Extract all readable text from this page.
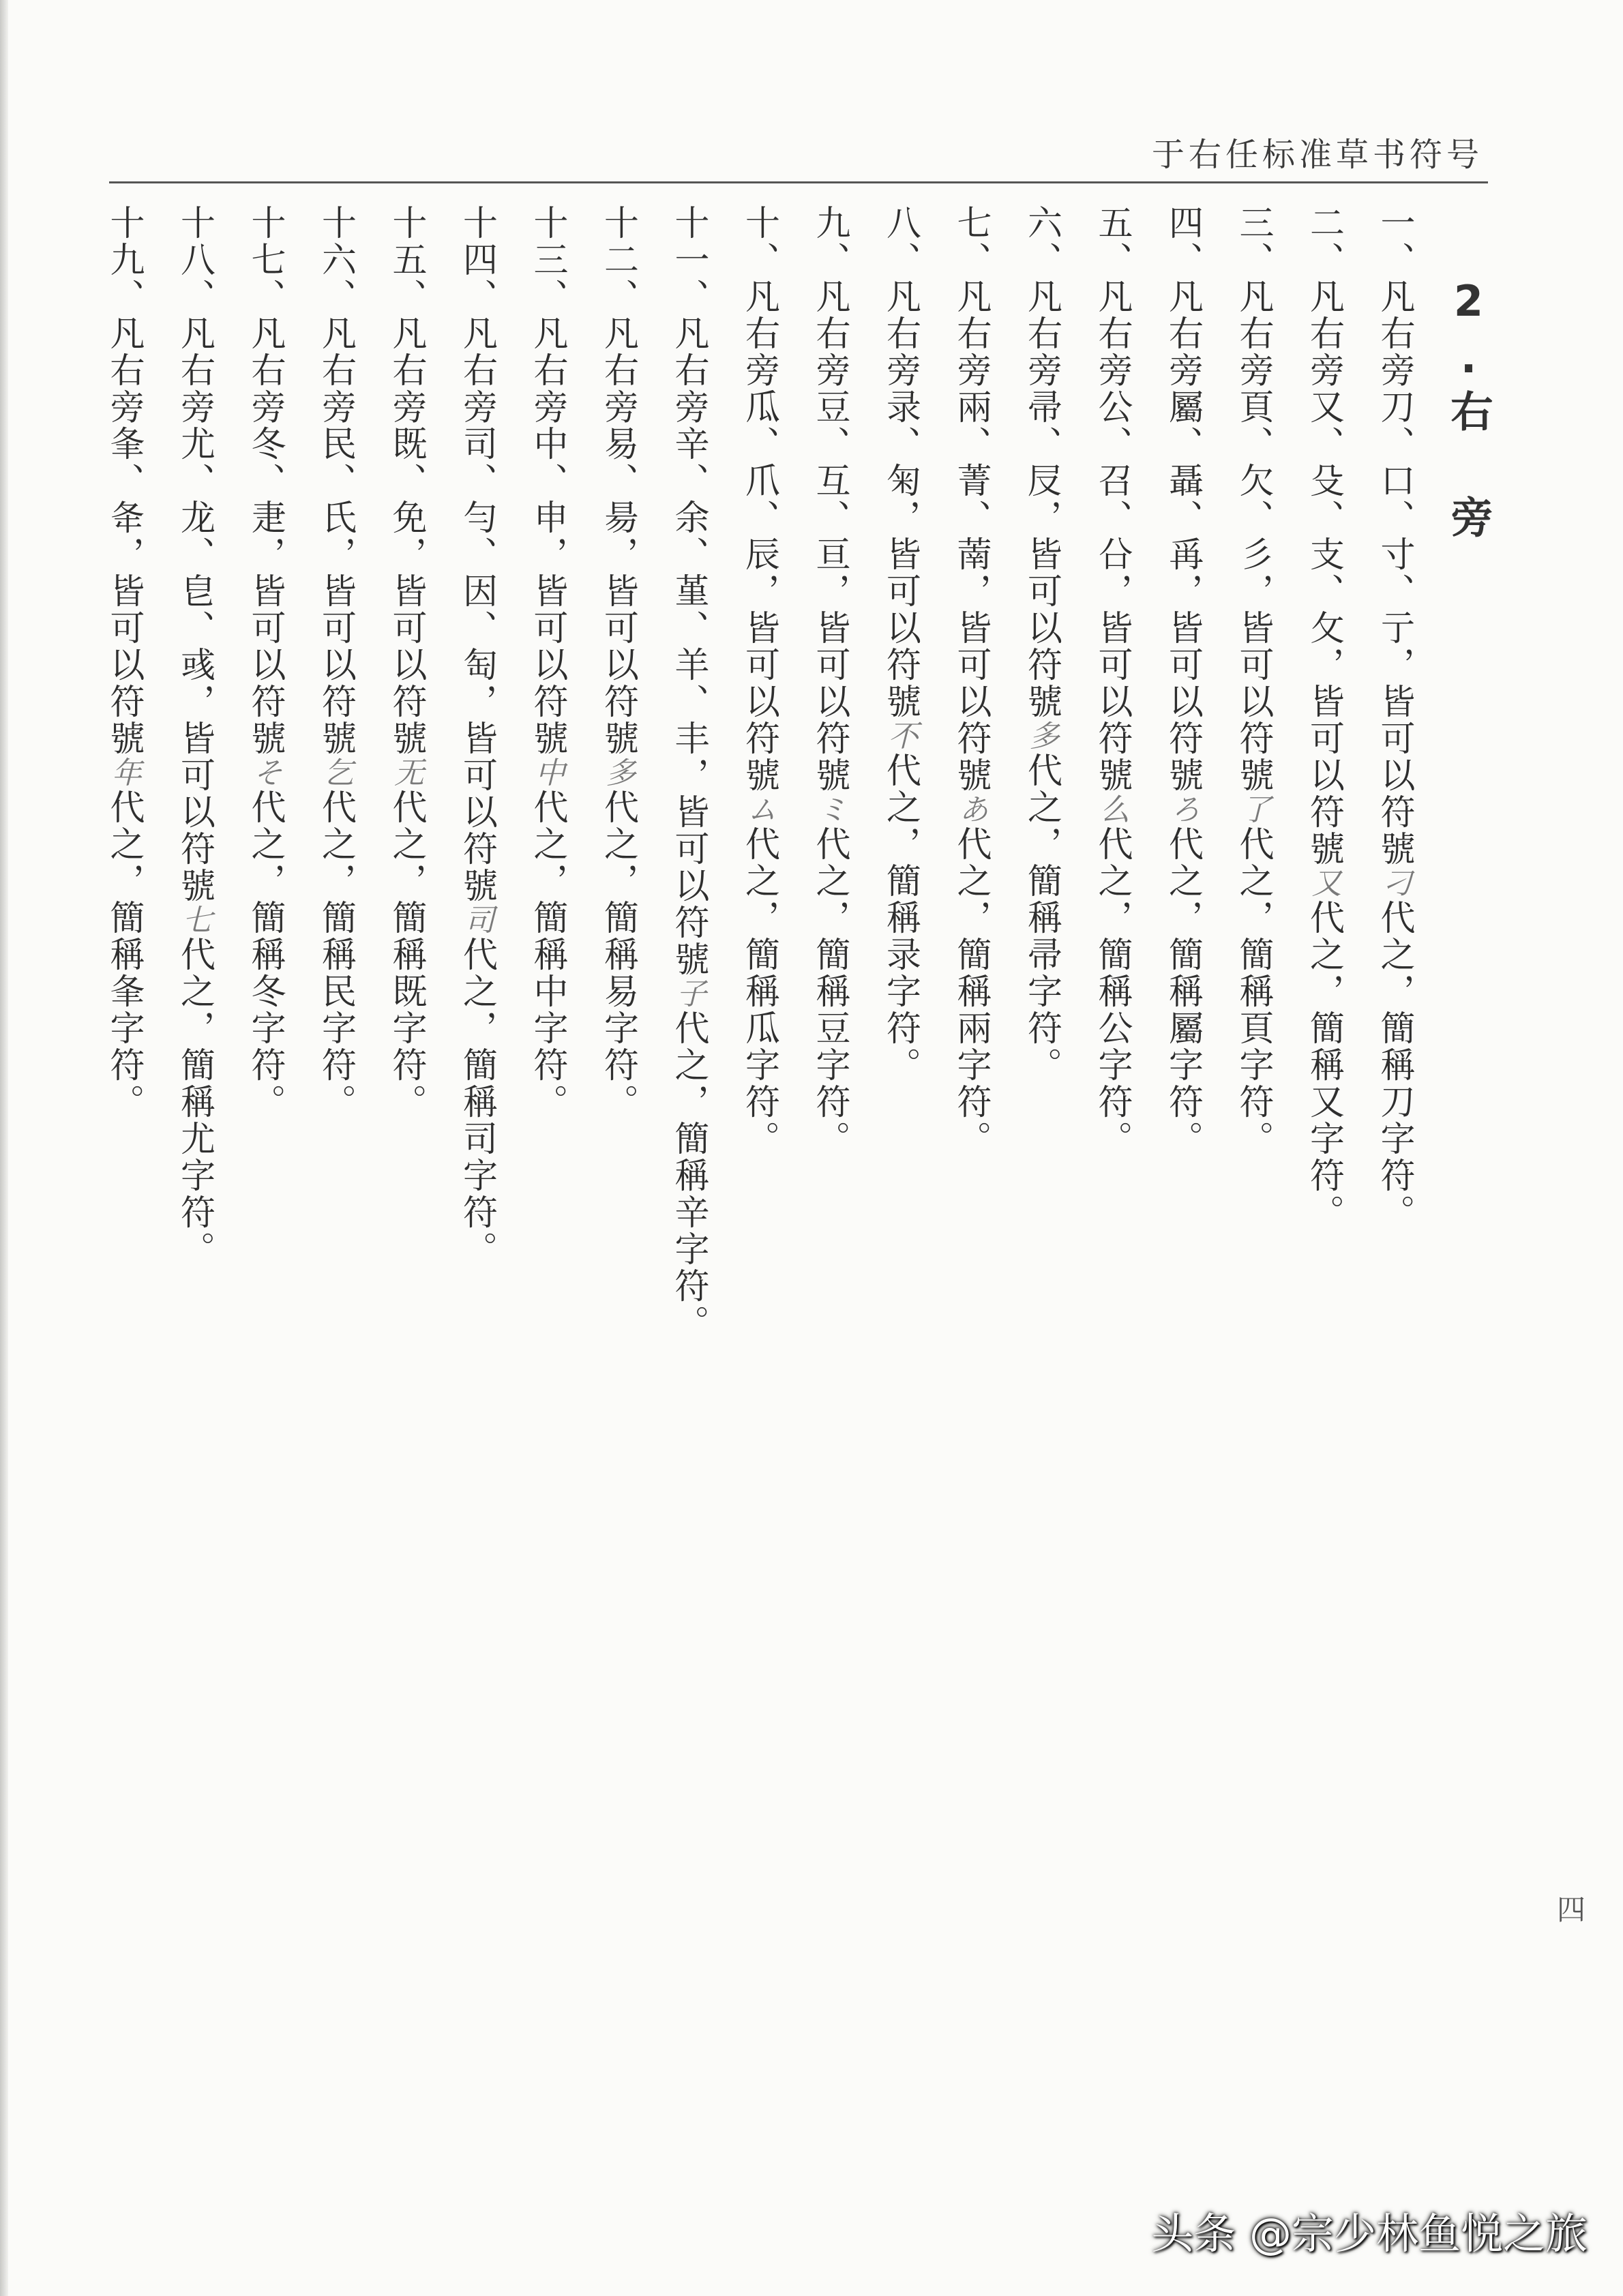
于右任标准草书符号
2.右 旁
一、凡右旁刀、口、寸、亍，皆可以符號刁代之，簡稱刀字符。
二、凡右旁又、殳、支、攵，皆可以符號又代之，簡稱又字符。
三、凡右旁頁、欠、彡，皆可以符號了代之，簡稱頁字符。
四、凡右旁屬、聶、爯，皆可以符號ろ代之，簡稱屬字符。
五、凡右旁公、召、㕣，皆可以符號么代之，簡稱公字符。
六、凡右旁帚、㞋，皆可以符號多代之，簡稱帚字符。
七、凡右旁兩、菁、萳，皆可以符號あ代之，簡稱兩字符。
八、凡右旁录、匊，皆可以符號不代之，簡稱录字符。
九、凡右旁豆、互、亘，皆可以符號ミ代之，簡稱豆字符。
十、凡右旁瓜、爪、辰，皆可以符號ム代之，簡稱瓜字符。
十一、凡右旁辛、余、堇、羊、丰，皆可以符號子代之，簡稱辛字符。
十二、凡右旁易、昜，皆可以符號多代之，簡稱易字符。
十三、凡右旁中、申，皆可以符號中代之，簡稱中字符。
十四、凡右旁司、勻、因、匋，皆可以符號司代之，簡稱司字符。
十五、凡右旁既、免，皆可以符號无代之，簡稱既字符。
十六、凡右旁民、氏，皆可以符號乞代之，簡稱民字符。
十七、凡右旁冬、疌，皆可以符號そ代之，簡稱冬字符。
十八、凡右旁尤、龙、皀、彧，皆可以符號七代之，簡稱尤字符。
十九、凡右旁夆、夅，皆可以符號年代之，簡稱夆字符。
四
头条 @宗少林鱼悦之旅
